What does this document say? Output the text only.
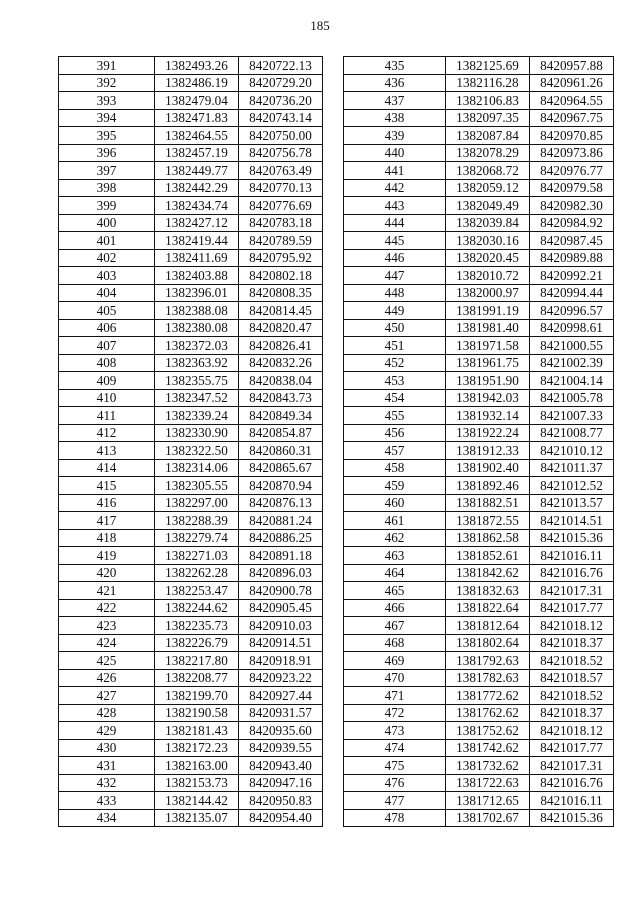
185
391	1382493.26	8420722.13
392	1382486.19	8420729.20
393	1382479.04	8420736.20
394	1382471.83	8420743.14
395	1382464.55	8420750.00
396	1382457.19	8420756.78
397	1382449.77	8420763.49
398	1382442.29	8420770.13
399	1382434.74	8420776.69
400	1382427.12	8420783.18
401	1382419.44	8420789.59
402	1382411.69	8420795.92
403	1382403.88	8420802.18
404	1382396.01	8420808.35
405	1382388.08	8420814.45
406	1382380.08	8420820.47
407	1382372.03	8420826.41
408	1382363.92	8420832.26
409	1382355.75	8420838.04
410	1382347.52	8420843.73
411	1382339.24	8420849.34
412	1382330.90	8420854.87
413	1382322.50	8420860.31
414	1382314.06	8420865.67
415	1382305.55	8420870.94
416	1382297.00	8420876.13
417	1382288.39	8420881.24
418	1382279.74	8420886.25
419	1382271.03	8420891.18
420	1382262.28	8420896.03
421	1382253.47	8420900.78
422	1382244.62	8420905.45
423	1382235.73	8420910.03
424	1382226.79	8420914.51
425	1382217.80	8420918.91
426	1382208.77	8420923.22
427	1382199.70	8420927.44
428	1382190.58	8420931.57
429	1382181.43	8420935.60
430	1382172.23	8420939.55
431	1382163.00	8420943.40
432	1382153.73	8420947.16
433	1382144.42	8420950.83
434	1382135.07	8420954.40
435	1382125.69	8420957.88
436	1382116.28	8420961.26
437	1382106.83	8420964.55
438	1382097.35	8420967.75
439	1382087.84	8420970.85
440	1382078.29	8420973.86
441	1382068.72	8420976.77
442	1382059.12	8420979.58
443	1382049.49	8420982.30
444	1382039.84	8420984.92
445	1382030.16	8420987.45
446	1382020.45	8420989.88
447	1382010.72	8420992.21
448	1382000.97	8420994.44
449	1381991.19	8420996.57
450	1381981.40	8420998.61
451	1381971.58	8421000.55
452	1381961.75	8421002.39
453	1381951.90	8421004.14
454	1381942.03	8421005.78
455	1381932.14	8421007.33
456	1381922.24	8421008.77
457	1381912.33	8421010.12
458	1381902.40	8421011.37
459	1381892.46	8421012.52
460	1381882.51	8421013.57
461	1381872.55	8421014.51
462	1381862.58	8421015.36
463	1381852.61	8421016.11
464	1381842.62	8421016.76
465	1381832.63	8421017.31
466	1381822.64	8421017.77
467	1381812.64	8421018.12
468	1381802.64	8421018.37
469	1381792.63	8421018.52
470	1381782.63	8421018.57
471	1381772.62	8421018.52
472	1381762.62	8421018.37
473	1381752.62	8421018.12
474	1381742.62	8421017.77
475	1381732.62	8421017.31
476	1381722.63	8421016.76
477	1381712.65	8421016.11
478	1381702.67	8421015.36
